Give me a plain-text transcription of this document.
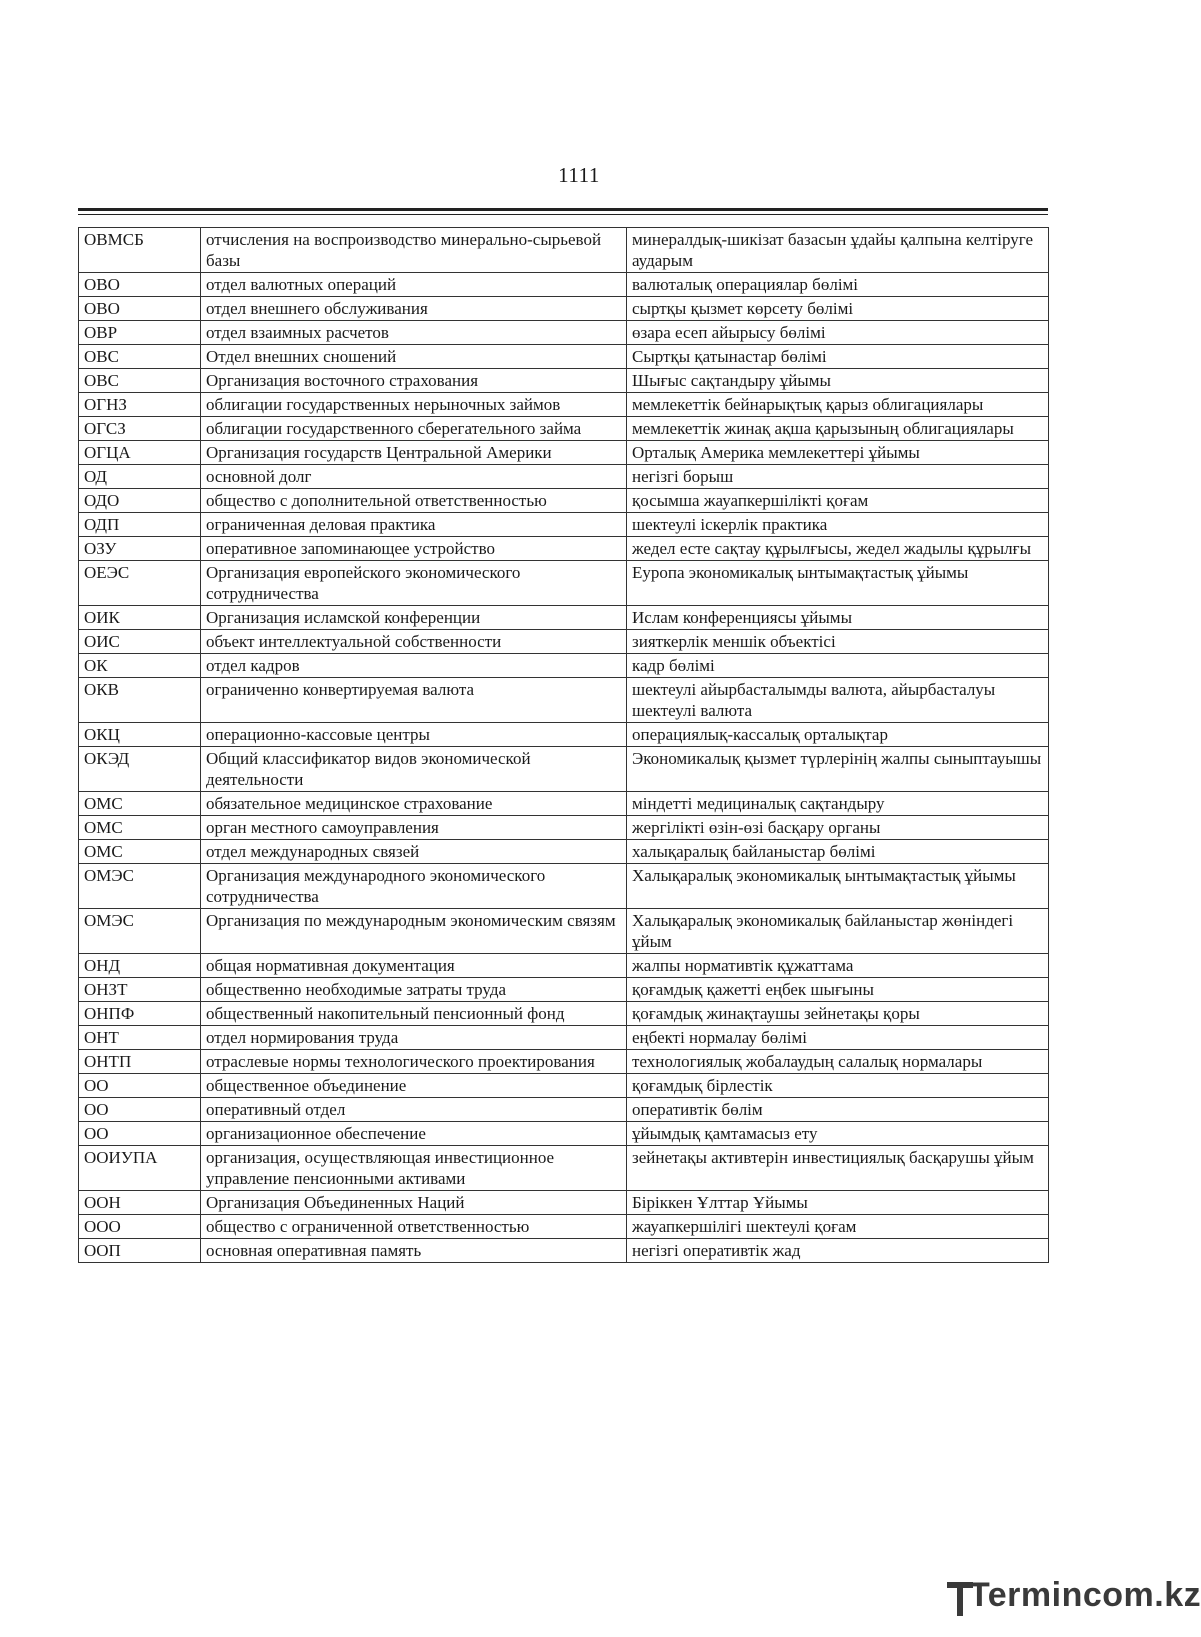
1111
ОВМСБ	отчисления на воспроизводство минерально-сырьевой базы	минералдық-шикізат базасын ұдайы қалпына келтіруге аударым
ОВО	отдел валютных операций	валюталық операциялар бөлімі
ОВО	отдел внешнего обслуживания	сыртқы қызмет көрсету бөлімі
ОВР	отдел взаимных расчетов	өзара есеп айырысу бөлімі
ОВС	Отдел внешних сношений	Сыртқы қатынастар бөлімі
ОВС	Организация восточного страхования	Шығыс сақтандыру ұйымы
ОГНЗ	облигации государственных нерыночных займов	мемлекеттік бейнарықтық қарыз облигациялары
ОГСЗ	облигации государственного сберегательного займа	мемлекеттік жинақ ақша қарызының облигациялары
ОГЦА	Организация государств Центральной Америки	Орталық Америка мемлекеттері ұйымы
ОД	основной долг	негізгі борыш
ОДО	общество с дополнительной ответственностью	қосымша жауапкершілікті қоғам
ОДП	ограниченная деловая практика	шектеулі іскерлік практика
ОЗУ	оперативное запоминающее устройство	жедел есте сақтау құрылғысы, жедел жадылы құрылғы
ОЕЭС	Организация европейского экономического сотрудничества	Еуропа экономикалық ынтымақтастық ұйымы
ОИК	Организация исламской конференции	Ислам конференциясы ұйымы
ОИС	объект интеллектуальной собственности	зияткерлік меншік объектісі
ОК	отдел кадров	кадр бөлімі
ОКВ	ограниченно конвертируемая валюта	шектеулі айырбасталымды валюта, айырбасталуы шектеулі валюта
ОКЦ	операционно-кассовые центры	операциялық-кассалық орталықтар
ОКЭД	Общий классификатор видов экономической деятельности	Экономикалық қызмет түрлерінің жалпы сыныптауышы
ОМС	обязательное медицинское страхование	міндетті медициналық сақтандыру
ОМС	орган местного самоуправления	жергілікті өзін-өзі басқару органы
ОМС	отдел международных связей	халықаралық байланыстар бөлімі
ОМЭС	Организация международного экономического сотрудничества	Халықаралық экономикалық ынтымақтастық ұйымы
ОМЭС	Организация по международным экономическим связям	Халықаралық экономикалық байланыстар жөніндегі ұйым
ОНД	общая нормативная документация	жалпы нормативтік құжаттама
ОНЗТ	общественно необходимые затраты труда	қоғамдық қажетті еңбек шығыны
ОНПФ	общественный накопительный пенсионный фонд	қоғамдық жинақтаушы зейнетақы қоры
ОНТ	отдел нормирования труда	еңбекті нормалау бөлімі
ОНТП	отраслевые нормы технологического проектирования	технологиялық жобалаудың салалық нормалары
ОО	общественное объединение	қоғамдық бірлестік
ОО	оперативный отдел	оперативтік бөлім
ОО	организационное обеспечение	ұйымдық қамтамасыз ету
ООИУПА	организация, осуществляющая инвестиционное управление пенсионными активами	зейнетақы активтерін инвестициялық басқарушы ұйым
ООН	Организация Объединенных Наций	Біріккен Ұлттар Ұйымы
ООО	общество с ограниченной ответственностью	жауапкершілігі шектеулі қоғам
ООП	основная оперативная память	негізгі оперативтік жад
Termincom.kz
